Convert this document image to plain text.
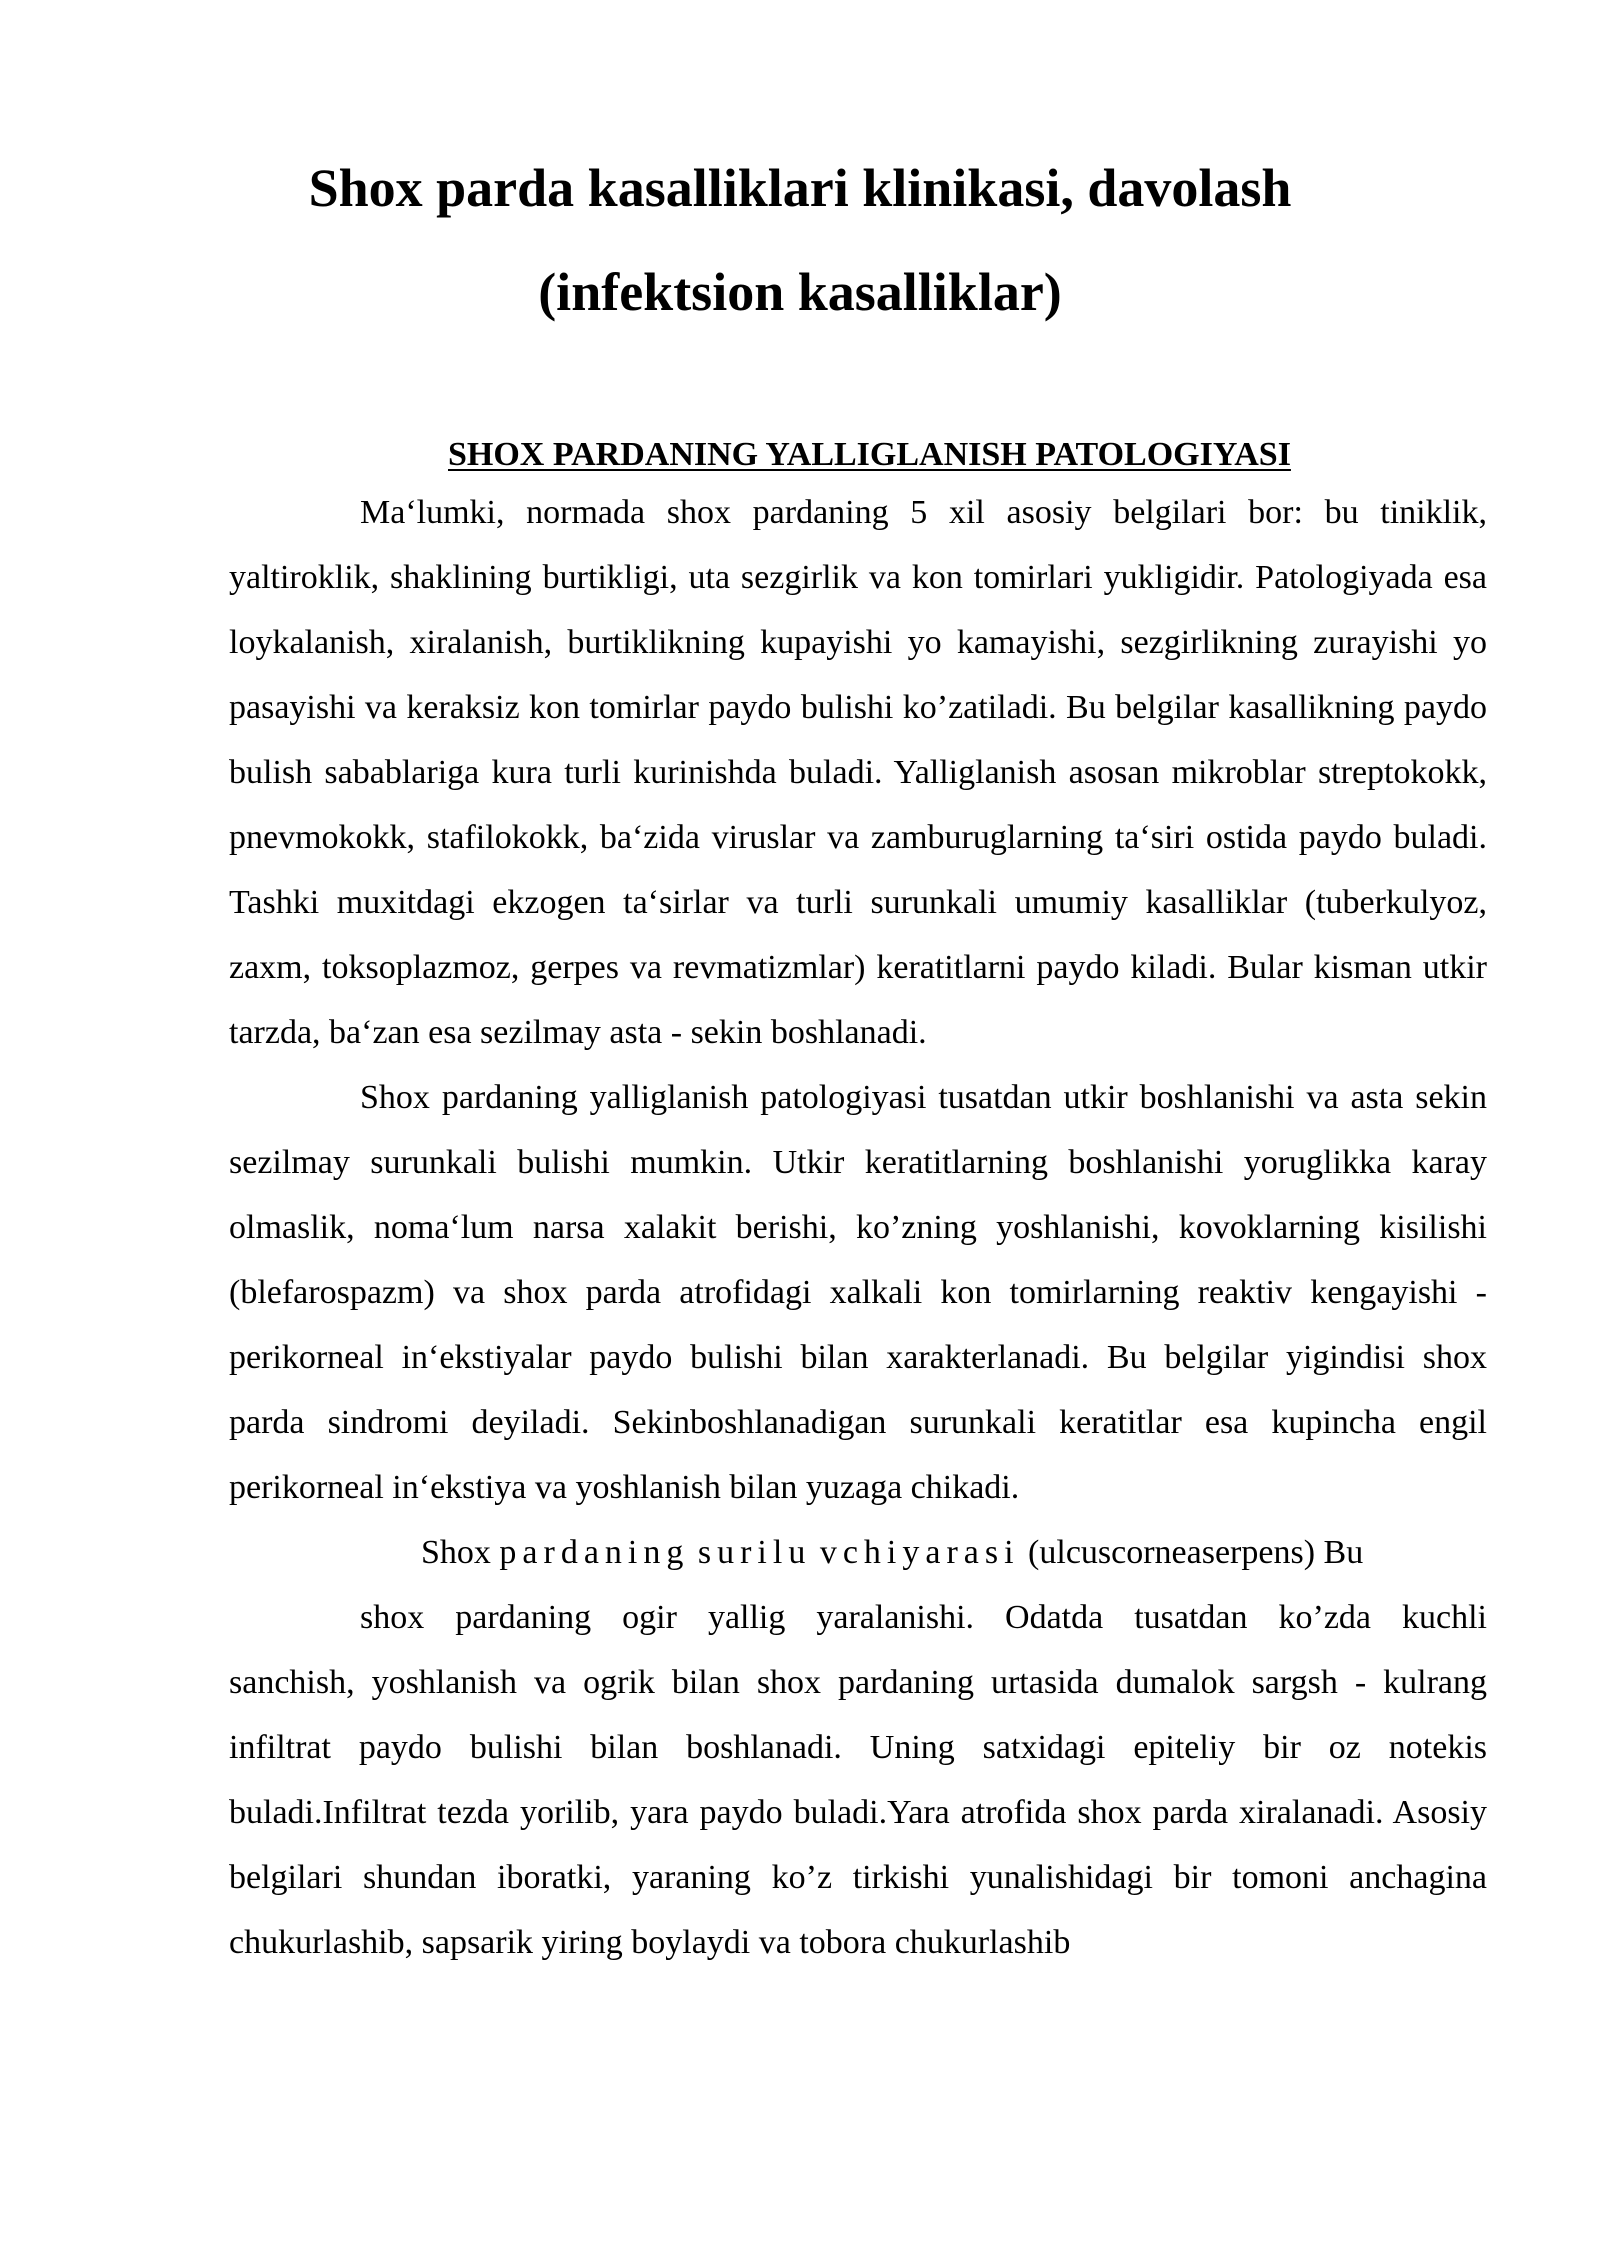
Shox parda kasalliklari klinikasi, davolash
(infektsion kasalliklar)
SHOX PARDANING YALLIGLANISH PATOLOGIYASI

Ma‘lumki, normada shox pardaning 5 xil asosiy belgilari bor: bu tiniklik, yaltiroklik, shaklining burtikligi, uta sezgirlik va kon tomirlari yukligidir. Patologiyada esa loykalanish, xiralanish, burtiklikning kupayishi yo kamayishi, sezgirlikning zurayishi yo pasayishi va keraksiz kon tomirlar paydo bulishi ko’zatiladi. Bu belgilar kasallikning paydo bulish sabablariga kura turli kurinishda buladi. Yalliglanish asosan mikroblar streptokokk, pnevmokokk, stafilokokk, ba‘zida viruslar va zamburuglarning ta‘siri ostida paydo buladi. Tashki muxitdagi ekzogen ta‘sirlar va turli surunkali umumiy kasalliklar (tuberkulyoz, zaxm, toksoplazmoz, gerpes va revmatizmlar) keratitlarni paydo kiladi. Bular kisman utkir tarzda, ba‘zan esa sezilmay asta - sekin boshlanadi.

Shox pardaning yalliglanish patologiyasi tusatdan utkir boshlanishi va asta sekin sezilmay surunkali bulishi mumkin. Utkir keratitlarning boshlanishi yoruglikka karay olmaslik, noma‘lum narsa xalakit berishi, ko’zning yoshlanishi, kovoklarning kisilishi (blefarospazm) va shox parda atrofidagi xalkali kon tomirlarning reaktiv kengayishi - perikorneal in‘ekstiyalar paydo bulishi bilan xarakterlanadi. Bu belgilar yigindisi shox parda sindromi deyiladi. Sekinboshlanadigan surunkali keratitlar esa kupincha engil perikorneal in‘ekstiya va yoshlanish bilan yuzaga chikadi.

Shox pardaning surilu vchiyarasi (ulcuscorneaserpens) Bu

shox pardaning ogir yallig yaralanishi. Odatda tusatdan ko’zda kuchli

sanchish, yoshlanish va ogrik bilan shox pardaning urtasida dumalok sargsh - kulrang infiltrat paydo bulishi bilan boshlanadi. Uning satxidagi epiteliy bir oz notekis buladi.Infiltrat tezda yorilib, yara paydo buladi.Yara atrofida shox parda xiralanadi. Asosiy belgilari shundan iboratki, yaraning ko’z tirkishi yunalishidagi bir tomoni anchagina chukurlashib, sapsarik yiring boylaydi va tobora chukurlashib
